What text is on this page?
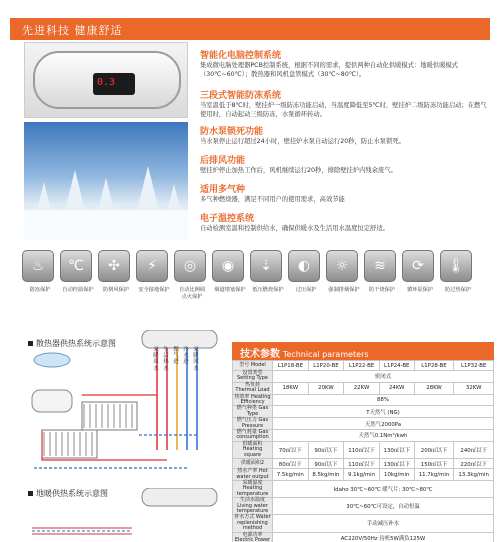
先进科技 健康舒适
0.3
智能化电脑控制系统
集成微电脑处理器PCB控制系统，根据不同的需求，提供两种自动化供暖模式：地暖供暖模式（30℃~60℃）；散热器和风机盘管模式（30℃~80℃）。
三段式智能防冻系统
当室温低于8℃时，壁挂炉一级防冻功能启动，当温度降低至5℃时，壁挂炉二级防冻功能启动；在燃气使用时，自动起动三级防冻，水泵循环转动。
防水泵锁死功能
当水泵停止运行超过24小时，壁挂炉水泵自动运行20秒，防止水泵锁死。
后排风功能
壁挂炉停止加热工作后，风机继续运行20秒，排除壁挂炉内残余废气。
适用多气种
多气种燃烧器，满足不同用户的使用需求，高效节能
电子温控系统
自动检测室温和控制供给水，确保供暖水及生活用水温度恒定舒适。
♨
防冻保护
℃
自动控温保护
✣
防倒风保护
⚡
安全接地保护
◎
自动比例调
点火保护
◉
烟道堵塞保护
⇣
低压燃烧保护
◐
过压保护
☼
强制排烟保护
≋
防干烧保护
⟳
循环泵保护
🌡
防过热保护
散热器供热系统示意图
地暖供热系统示意图
采暖出水
生活热水
燃气进
冷水进
采暖回水
技术参数 Technical parameters
型号 Model	L1P18-BE	L1P20-BE	L1P22-BE	L1P24-BE	L1P28-BE	L1P32-BE
设置类型 Setting Type	密闭式					
热负荷 Thermal Load	18KW	20KW	22KW	24KW	28KW	32KW
热效率 Heating Efficiency	88%					
燃气种类 Gas Type	T天然气 (NG)					
燃气压力 Gas Pressure	天然气2000Pa					
燃气耗量 Gas consumption	天然气0.1Nm³/kwh					
供暖面积 Heating square	70㎡以下	90㎡以下	110㎡以下	130㎡以下	200㎡以下	240㎡以下
供暖面积2	80㎡以下	90㎡以下	110㎡以下	130㎡以下	150㎡以下	220㎡以下
热水产率 Hot water output	7.5kg/min	8.5kg/min	9.1kg/min	10kg/min	11.7kg/min	13.3kg/min
采暖温度 Heating temperature	Idaho 30℃~60℃ 暖气片: 30℃~80℃					
生活水温度 Living water temperature	30℃~60℃可设定，自动恒温					
补水方式 Water replenishing method	手动减压补水					
电源功率 Electric Power	AC220V/50Hz 待机5W满负125W					
